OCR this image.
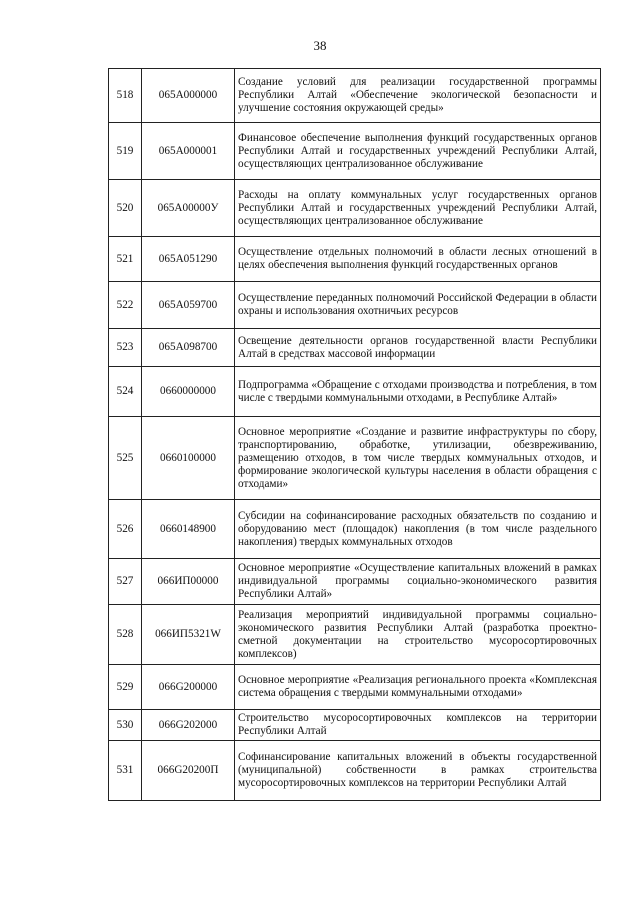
38
518	065A000000	Создание условий для реализации государственной программы Республики Алтай «Обеспечение экологической безопасности и улучшение состояния окружающей среды»
519	065A000001	Финансовое обеспечение выполнения функций государственных органов Республики Алтай и государственных учреждений Республики Алтай, осуществляющих централизованное обслуживание
520	065A00000У	Расходы на оплату коммунальных услуг государственных органов Республики Алтай и государственных учреждений Республики Алтай, осуществляющих централизованное обслуживание
521	065A051290	Осуществление отдельных полномочий в области лесных отношений в целях обеспечения выполнения функций государственных органов
522	065A059700	Осуществление переданных полномочий Российской Федерации в области охраны и использования охотничьих ресурсов
523	065A098700	Освещение деятельности органов государственной власти Республики Алтай в средствах массовой информации
524	0660000000	Подпрограмма «Обращение с отходами производства и потребления, в том числе с твердыми коммунальными отходами, в Республике Алтай»
525	0660100000	Основное мероприятие «Создание и развитие инфраструктуры по сбору, транспортированию, обработке, утилизации, обезвреживанию, размещению отходов, в том числе твердых коммунальных отходов, и формирование экологической культуры населения в области обращения с отходами»
526	0660148900	Субсидии на софинансирование расходных обязательств по созданию и оборудованию мест (площадок) накопления (в том числе раздельного накопления) твердых коммунальных отходов
527	066ИП00000	Основное мероприятие «Осуществление капитальных вложений в рамках индивидуальной программы социально-экономического развития Республики Алтай»
528	066ИП5321W	Реализация мероприятий индивидуальной программы социально-экономического развития Республики Алтай (разработка проектно-сметной документации на строительство мусоросортировочных комплексов)
529	066G200000	Основное мероприятие «Реализация регионального проекта «Комплексная система обращения с твердыми коммунальными отходами»
530	066G202000	Строительство мусоросортировочных комплексов на территории Республики Алтай
531	066G20200П	Софинансирование капитальных вложений в объекты государственной (муниципальной) собственности в рамках строительства мусоросортировочных комплексов на территории Республики Алтай
